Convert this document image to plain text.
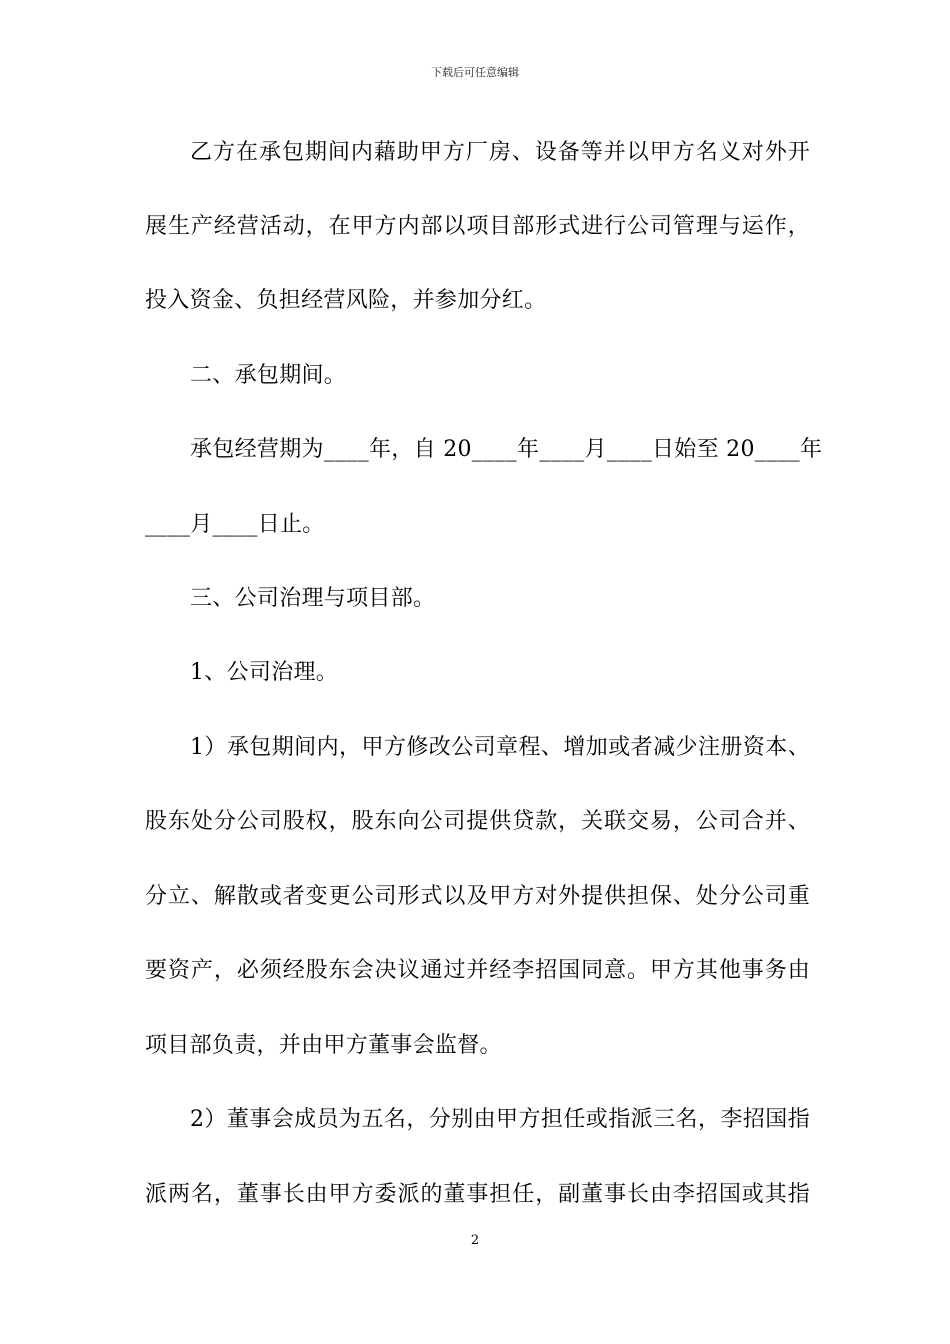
下载后可任意编辑
乙方在承包期间内藉助甲方厂房、设备等并以甲方名义对外开
展生产经营活动，在甲方内部以项目部形式进行公司管理与运作，
投入资金、负担经营风险，并参加分红。
二、承包期间。
承包经营期为____年，自 20____年____月____日始至 20____年
____月____日止。
三、公司治理与项目部。
1、公司治理。
1）承包期间内，甲方修改公司章程、增加或者减少注册资本、
股东处分公司股权，股东向公司提供贷款，关联交易，公司合并、
分立、解散或者变更公司形式以及甲方对外提供担保、处分公司重
要资产，必须经股东会决议通过并经李招国同意。甲方其他事务由
项目部负责，并由甲方董事会监督。
2）董事会成员为五名，分别由甲方担任或指派三名，李招国指
派两名，董事长由甲方委派的董事担任，副董事长由李招国或其指
2
